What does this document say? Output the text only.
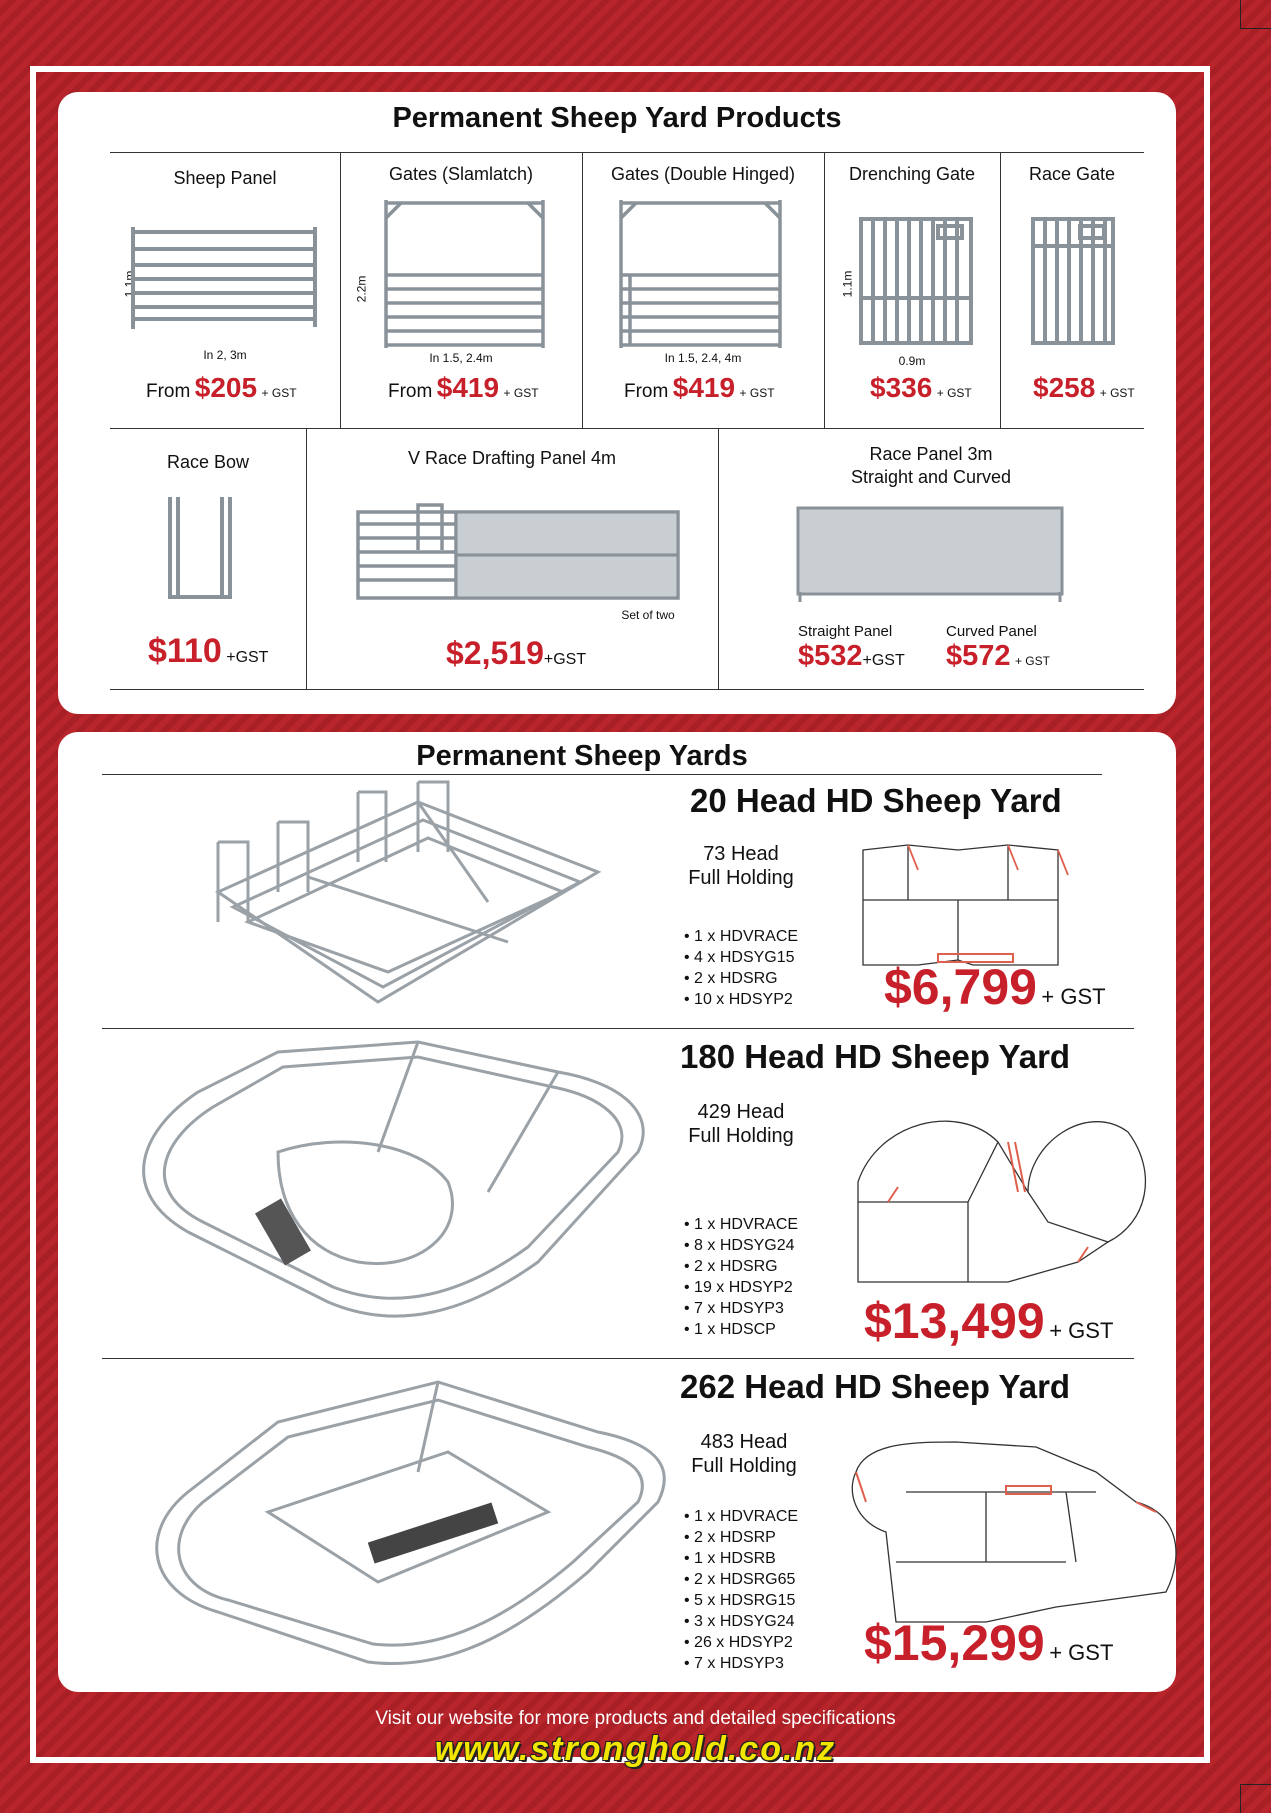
Permanent Sheep Yard Products
Sheep Panel
1.1m
In 2, 3m
From $205 + GST
Gates (Slamlatch)
2.2m
In 1.5, 2.4m
From $419 + GST
Gates (Double Hinged)
In 1.5, 2.4, 4m
From $419 + GST
Drenching Gate
1.1m
0.9m
$336 + GST
Race Gate
$258 + GST
Race Bow
$110 +GST
V Race Drafting Panel 4m
Set of two
$2,519+GST
Race Panel 3m
Straight and Curved
Straight Panel	Curved Panel
$532+GST $572 + GST
Permanent Sheep Yards
20 Head HD Sheep Yard
73 Head
Full Holding
• 1 x HDVRACE
• 4 x HDSYG15
• 2 x HDSRG
• 10 x HDSYP2 $6,799 + GST
180 Head HD Sheep Yard
429 Head
Full Holding
• 1 x HDVRACE
• 8 x HDSYG24
• 2 x HDSRG
• 19 x HDSYP2
• 7 x HDSYP3
• 1 x HDSCP	$13,499 + GST
262 Head HD Sheep Yard
483 Head
Full Holding
• 1 x HDVRACE
• 2 x HDSRP
• 1 x HDSRB
• 2 x HDSRG65
• 5 x HDSRG15
• 3 x HDSYG24
• 26 x HDSYP2
• 7 x HDSYP3 $15,299 + GST
Visit our website for more products and detailed specifications
www.stronghold.co.nz
